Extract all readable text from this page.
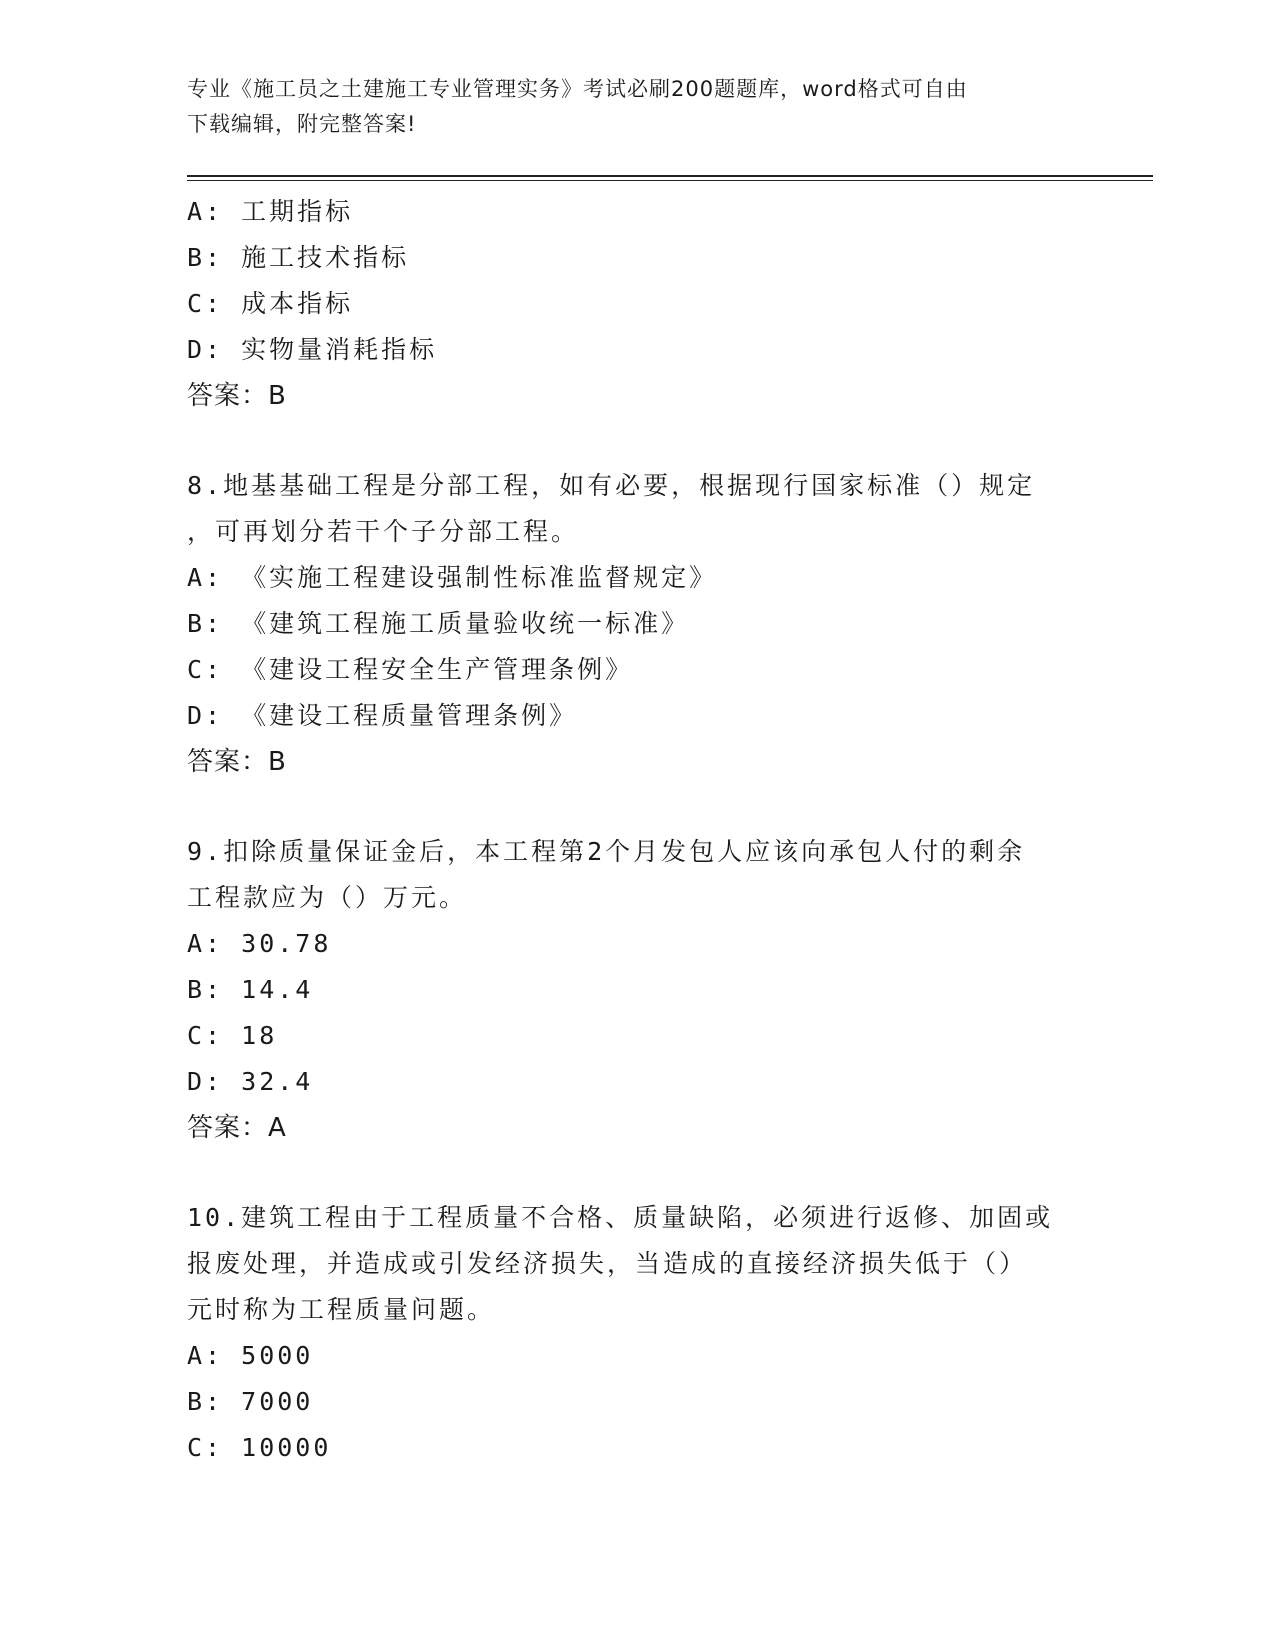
专业《施工员之土建施工专业管理实务》考试必刷200题题库，word格式可自由
下载编辑，附完整答案!
A: 工期指标
B: 施工技术指标
C: 成本指标
D: 实物量消耗指标
答案：B
8.地基基础工程是分部工程，如有必要，根据现行国家标准（）规定
，可再划分若干个子分部工程。
A: 《实施工程建设强制性标准监督规定》
B: 《建筑工程施工质量验收统一标准》
C: 《建设工程安全生产管理条例》
D: 《建设工程质量管理条例》
答案：B
9.扣除质量保证金后，本工程第2个月发包人应该向承包人付的剩余
工程款应为（）万元。
A: 30.78
B: 14.4
C: 18
D: 32.4
答案：A
10.建筑工程由于工程质量不合格、质量缺陷，必须进行返修、加固或
报废处理，并造成或引发经济损失，当造成的直接经济损失低于（）
元时称为工程质量问题。
A: 5000
B: 7000
C: 10000
